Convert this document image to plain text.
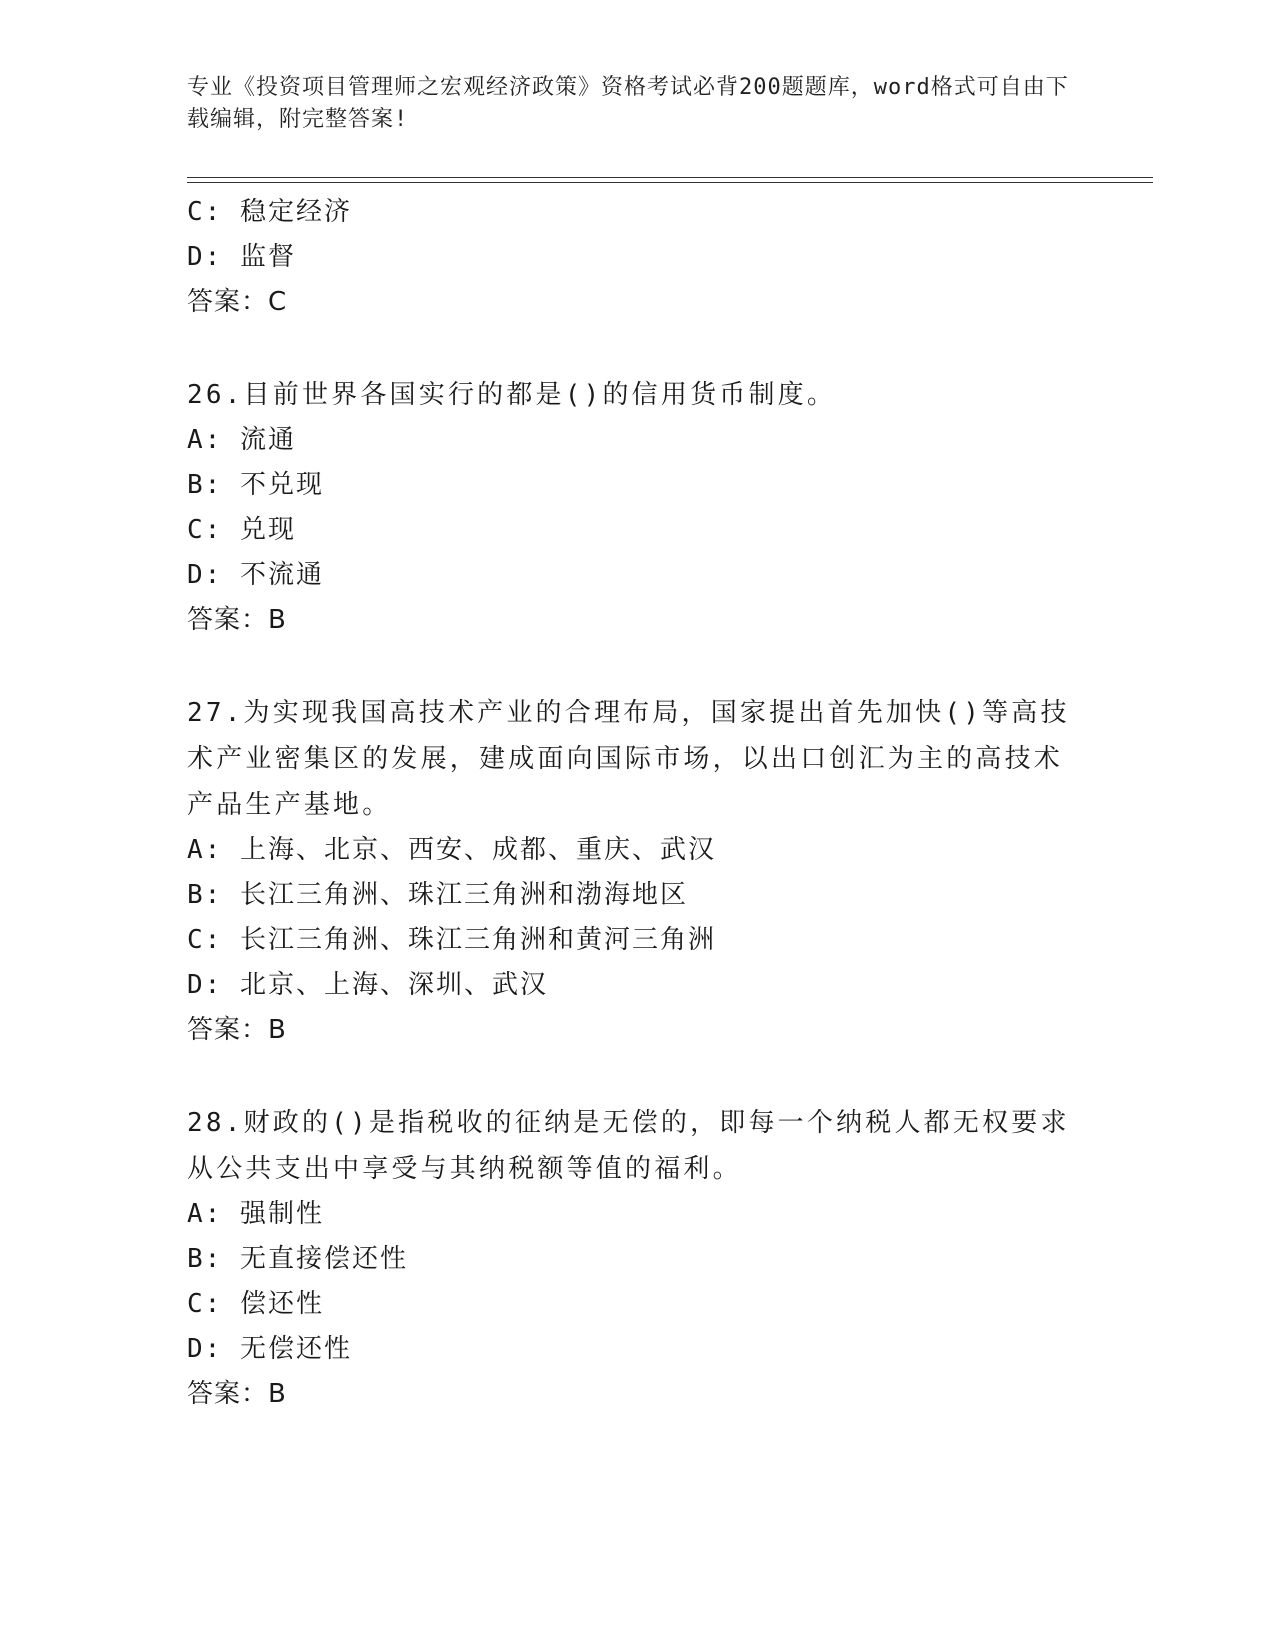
专业《投资项目管理师之宏观经济政策》资格考试必背200题题库，word格式可自由下载编辑，附完整答案!
C: 稳定经济
D: 监督
答案：C
26.目前世界各国实行的都是()的信用货币制度。
A: 流通
B: 不兑现
C: 兑现
D: 不流通
答案：B
27.为实现我国高技术产业的合理布局，国家提出首先加快()等高技术产业密集区的发展，建成面向国际市场，以出口创汇为主的高技术产品生产基地。
A: 上海、北京、西安、成都、重庆、武汉
B: 长江三角洲、珠江三角洲和渤海地区
C: 长江三角洲、珠江三角洲和黄河三角洲
D: 北京、上海、深圳、武汉
答案：B
28.财政的()是指税收的征纳是无偿的，即每一个纳税人都无权要求从公共支出中享受与其纳税额等值的福利。
A: 强制性
B: 无直接偿还性
C: 偿还性
D: 无偿还性
答案：B
